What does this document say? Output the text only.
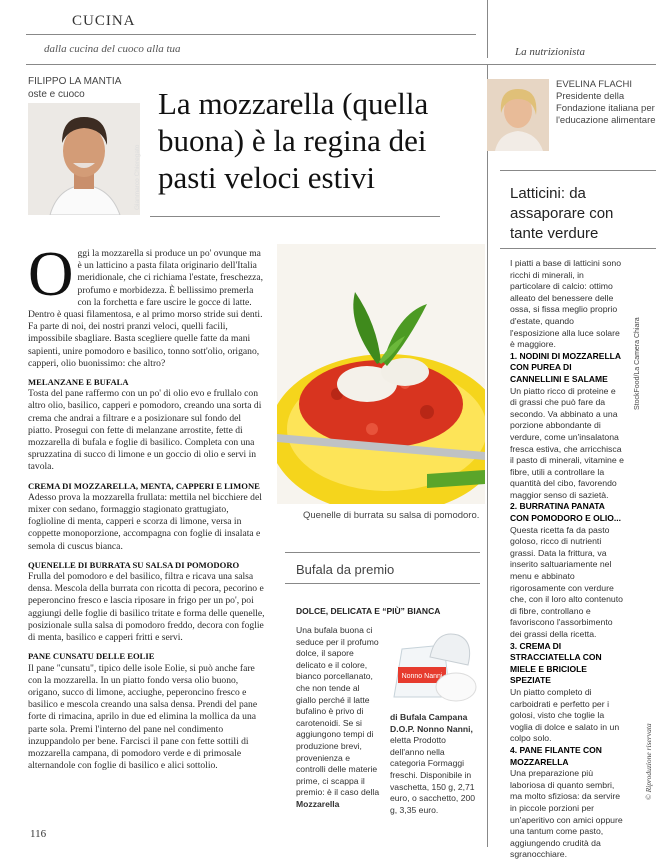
CUCINA
dalla cucina del cuoco alla tua	La nutrizionista
FILIPPO LA MANTIA
oste e cuoco
Gianmarco Chieregato
La mozzarella (quella buona) è la regina dei pasti veloci estivi
EVELINA FLACHI
Presidente della Fondazione italiana per l'educazione alimentare
Latticini: da assaporare con tante verdure
I piatti a base di latticini sono ricchi di minerali, in particolare di calcio: ottimo alleato del benessere delle ossa, si fissa meglio proprio d'estate, quando l'esposizione alla luce solare è maggiore.
1. NODINI DI MOZZARELLA CON PUREA DI CANNELLINI E SALAME
Un piatto ricco di proteine e di grassi che può fare da secondo. Va abbinato a una porzione abbondante di verdure, come un'insalatona fresca estiva, che arricchisca il pasto di minerali, vitamine e fibre, utili a controllare la quantità del cibo, favorendo maggior senso di sazietà.
2. BURRATINA PANATA CON POMODORO E OLIO...
Questa ricetta fa da pasto goloso, ricco di nutrienti grassi. Data la frittura, va inserito saltuariamente nel menu e abbinato rigorosamente con verdure che, con il loro alto contenuto di fibre, controllano e favoriscono l'assorbimento dei grassi della ricetta.
3. CREMA DI STRACCIATELLA CON MIELE E BRICIOLE SPEZIATE
Un piatto completo di carboidrati e perfetto per i golosi, visto che toglie la voglia di dolce e salato in un colpo solo.
4. PANE FILANTE CON MOZZARELLA
Una preparazione più laboriosa di quanto sembri, ma molto sfiziosa: da servire in piccole porzioni per un'aperitivo con amici oppure una tantum come pasto, aggiungendo crudità da sgranocchiare.

Oggi la mozzarella si produce un po' ovunque ma è un latticino a pasta filata originario dell'Italia meridionale, che ci richiama l'estate, freschezza, profumo e morbidezza. È bellissimo premerla con la forchetta e fare uscire le gocce di latte. Dentro è quasi filamentosa, e al primo morso stride sui denti. Fa parte di noi, dei nostri pranzi veloci, quelli facili, impossibile sbagliare. Basta scegliere quelle fatte da mani sapienti, unire pomodoro e basilico, tonno sott'olio, origano, capperi, olio buonissimo: che altro?

MELANZANE E BUFALA

Tosta del pane raffermo con un po' di olio evo e frullalo con altro olio, basilico, capperi e pomodoro, creando una sorta di crema che andrai a filtrare e a posizionare sul fondo del piatto. Prosegui con fette di melanzane arrostite, fette di mozzarella di bufala e foglie di basilico. Completa con una spruzzatina di succo di limone e un goccio di olio e servi in tavola.

CREMA DI MOZZARELLA, MENTA, CAPPERI E LIMONE

Adesso prova la mozzarella frullata: mettila nel bicchiere del mixer con sedano, formaggio stagionato grattugiato, foglioline di menta, capperi e scorza di limone, versa in coppette monoporzione, accompagna con foglie di insalata e semola di cuscus bianca.

QUENELLE DI BURRATA SU SALSA DI POMODORO

Frulla del pomodoro e del basilico, filtra e ricava una salsa densa. Mescola della burrata con ricotta di pecora, pecorino e peperoncino fresco e lascia riposare in frigo per un po', poi aggiungi delle foglie di basilico tritate e forma delle quenelle, posizionale sulla salsa di pomodoro freddo, decora con foglie di menta, basilico e capperi fritti e servi.

PANE CUNSATU DELLE EOLIE

Il pane "cunsatu", tipico delle isole Eolie, si può anche fare con la mozzarella. In un piatto fondo versa olio buono, origano, succo di limone, acciughe, peperoncino fresco e basilico e mescola creando una salsa densa. Prendi del pane forte di rimacina, aprilo in due ed elimina la mollica da una parte sola. Premi l'interno del pane nel condimento inzuppandolo per bene. Farcisci il pane con fette sottili di mozzarella campana, di pomodoro verde e di primosale alternandole con foglie di basilico e alici sottolio.

Quenelle di burrata su salsa di pomodoro.
StockFood/La Camera Chiara
Bufala da premio
DOLCE, DELICATA E “PIÙ” BIANCA
Una bufala buona ci seduce per il profumo dolce, il sapore delicato e il colore, bianco porcellanato, che non tende al giallo perché il latte bufalino è privo di carotenoidi. Se si aggiungono tempi di produzione brevi, provenienza e controlli delle materie prime, ci scappa il premio: è il caso della Mozzarella
Nonno Nanni
di Bufala Campana D.O.P. Nonno Nanni, eletta Prodotto dell'anno nella categoria Formaggi freschi. Disponibile in vaschetta, 150 g, 2,71 euro, o sacchetto, 200 g, 3,35 euro.
116
© Riproduzione riservata
